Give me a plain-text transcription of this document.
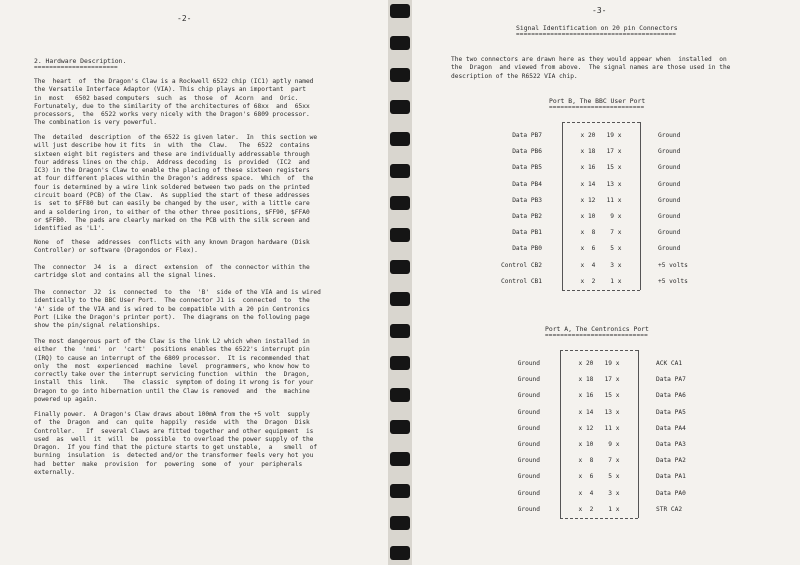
-2-
2. Hardware Description.
======================
The  heart  of  the Dragon's Claw is a Rockwell 6522 chip (IC1) aptly named
the Versatile Interface Adaptor (VIA). This chip plays an important  part
in  most   6502 based computers  such  as  those  of  Acorn  and  Oric.
Fortunately, due to the similarity of the architectures of 68xx  and  65xx
processors,  the  6522 works very nicely with the Dragon's 6809 processor.
The combination is very powerful.
The  detailed  description  of the 6522 is given later.  In  this section we
will just describe how it fits  in  with  the  Claw.   The  6522  contains
sixteen eight bit registers and these are individually addressable through
four address lines on the chip.  Address decoding  is  provided  (IC2  and
IC3) in the Dragon's Claw to enable the placing of these sixteen registers
at four different places within the Dragon's address space.  Which  of  the
four is determined by a wire link soldered between two pads on the printed
circuit board (PCB) of the Claw.  As supplied the start of these addresses
is  set to $FF80 but can easily be changed by the user, with a little care
and a soldering iron, to either of the other three positions, $FF90, $FFA0
or $FFB0.  The pads are clearly marked on the PCB with the silk screen and
identified as 'L1'.
None  of  these  addresses  conflicts with any known Dragon hardware (Disk
Controller) or software (Dragondos or Flex).
The  connector  J4  is  a  direct  extension  of  the connector within the
cartridge slot and contains all the signal lines.
The  connector  J2  is  connected  to  the  'B'  side of the VIA and is wired
identically to the BBC User Port.  The connector J1 is  connected  to  the
'A' side of the VIA and is wired to be compatible with a 20 pin Centronics
Port (Like the Dragon's printer port).  The diagrams on the following page
show the pin/signal relationships.
The most dangerous part of the Claw is the link L2 which when installed in
either  the  'nmi'  or  'cart'  positions enables the 6522's interrupt pin
(IRQ) to cause an interrupt of the 6809 processor.  It is recommended that
only  the  most  experienced  machine  level  programmers, who know how to
correctly take over the interrupt servicing function  within  the  Dragon,
install  this  link.    The  classic  symptom of doing it wrong is for your
Dragon to go into hibernation until the Claw is removed  and  the  machine
powered up again.
Finally power.  A Dragon's Claw draws about 100mA from the +5 volt  supply
of  the  Dragon  and  can  quite  happily  reside  with  the  Dragon  Disk
Controller.   If  several Claws are fitted together and other equipment  is
used  as  well  it  will  be  possible  to overload the power supply of the
Dragon.  If you find that the picture starts to get unstable,  a   smell  of
burning  insulation  is  detected and/or the transformer feels very hot you
had  better  make  provision  for  powering  some  of  your  peripherals
externally.
-3-
Signal Identification on 20 pin Connectors
==========================================
The two connectors are drawn here as they would appear when  installed  on
the  Dragon  and viewed from above.  The signal names are those used in the
description of the R6522 VIA chip.
Port B, The BBC User Port
=========================
Data PB7	x 20   19 x	Ground
Data PB6	x 18   17 x	Ground
Data PB5	x 16   15 x	Ground
Data PB4	x 14   13 x	Ground
Data PB3	x 12   11 x	Ground
Data PB2	x 10    9 x	Ground
Data PB1	x  8    7 x	Ground
Data PB0	x  6    5 x	Ground
Control CB2	x  4    3 x	+5 volts
Control CB1	x  2    1 x	+5 volts
Port A, The Centronics Port
===========================
Ground	x 20   19 x	ACK CA1
Ground	x 18   17 x	Data PA7
Ground	x 16   15 x	Data PA6
Ground	x 14   13 x	Data PA5
Ground	x 12   11 x	Data PA4
Ground	x 10    9 x	Data PA3
Ground	x  8    7 x	Data PA2
Ground	x  6    5 x	Data PA1
Ground	x  4    3 x	Data PA0
Ground	x  2    1 x	STR CA2
